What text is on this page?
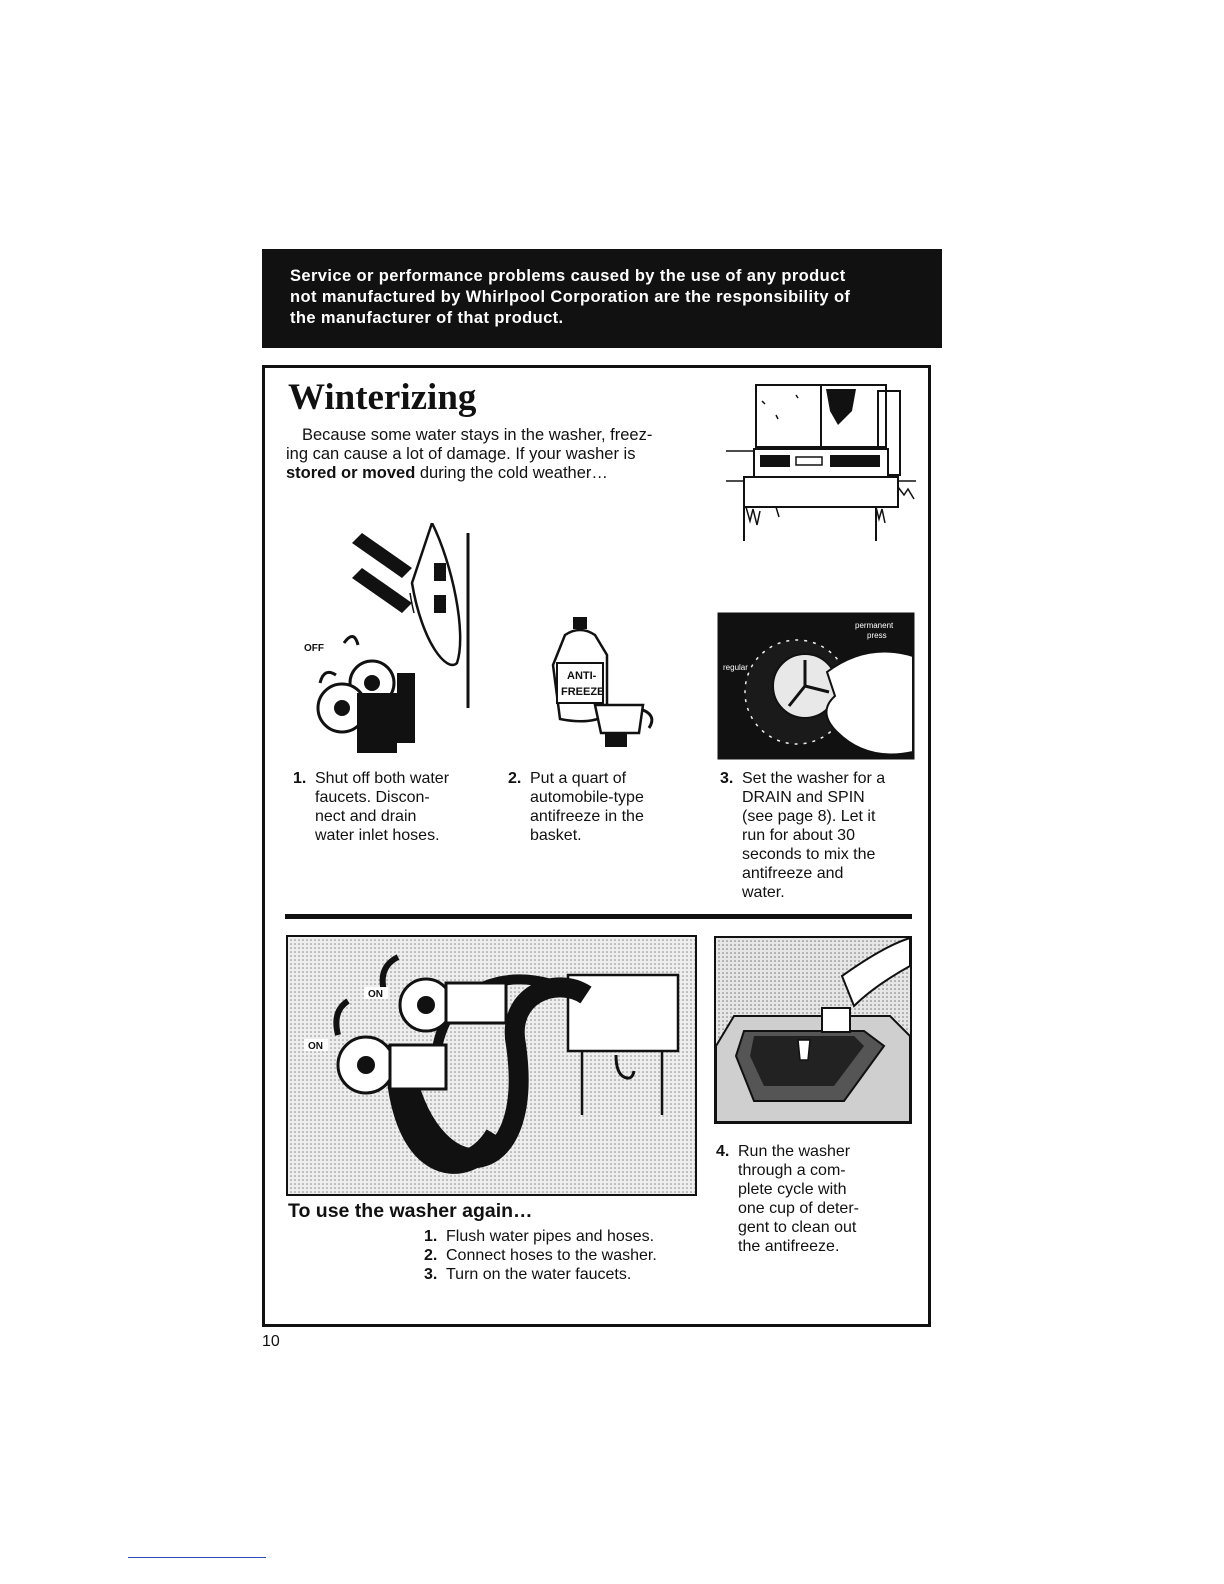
Service or performance problems caused by the use of any product
not manufactured by Whirlpool Corporation are the responsibility of
the manufacturer of that product.
Winterizing
Because some water stays in the washer, freez-
ing can cause a lot of damage. If your washer is
stored or moved during the cold weather…
OFF
ANTI-
FREEZE
regular
permanent
press
1. Shut off both water
faucets. Discon-
nect and drain
water inlet hoses.
2. Put a quart of
automobile-type
antifreeze in the
basket.
3. Set the washer for a
DRAIN and SPIN
(see page 8). Let it
run for about 30
seconds to mix the
antifreeze and
water.
ON
ON
4. Run the washer
through a com-
plete cycle with
one cup of deter-
gent to clean out
the antifreeze.
To use the washer again…
1. Flush water pipes and hoses.
2. Connect hoses to the washer.
3. Turn on the water faucets.
10
